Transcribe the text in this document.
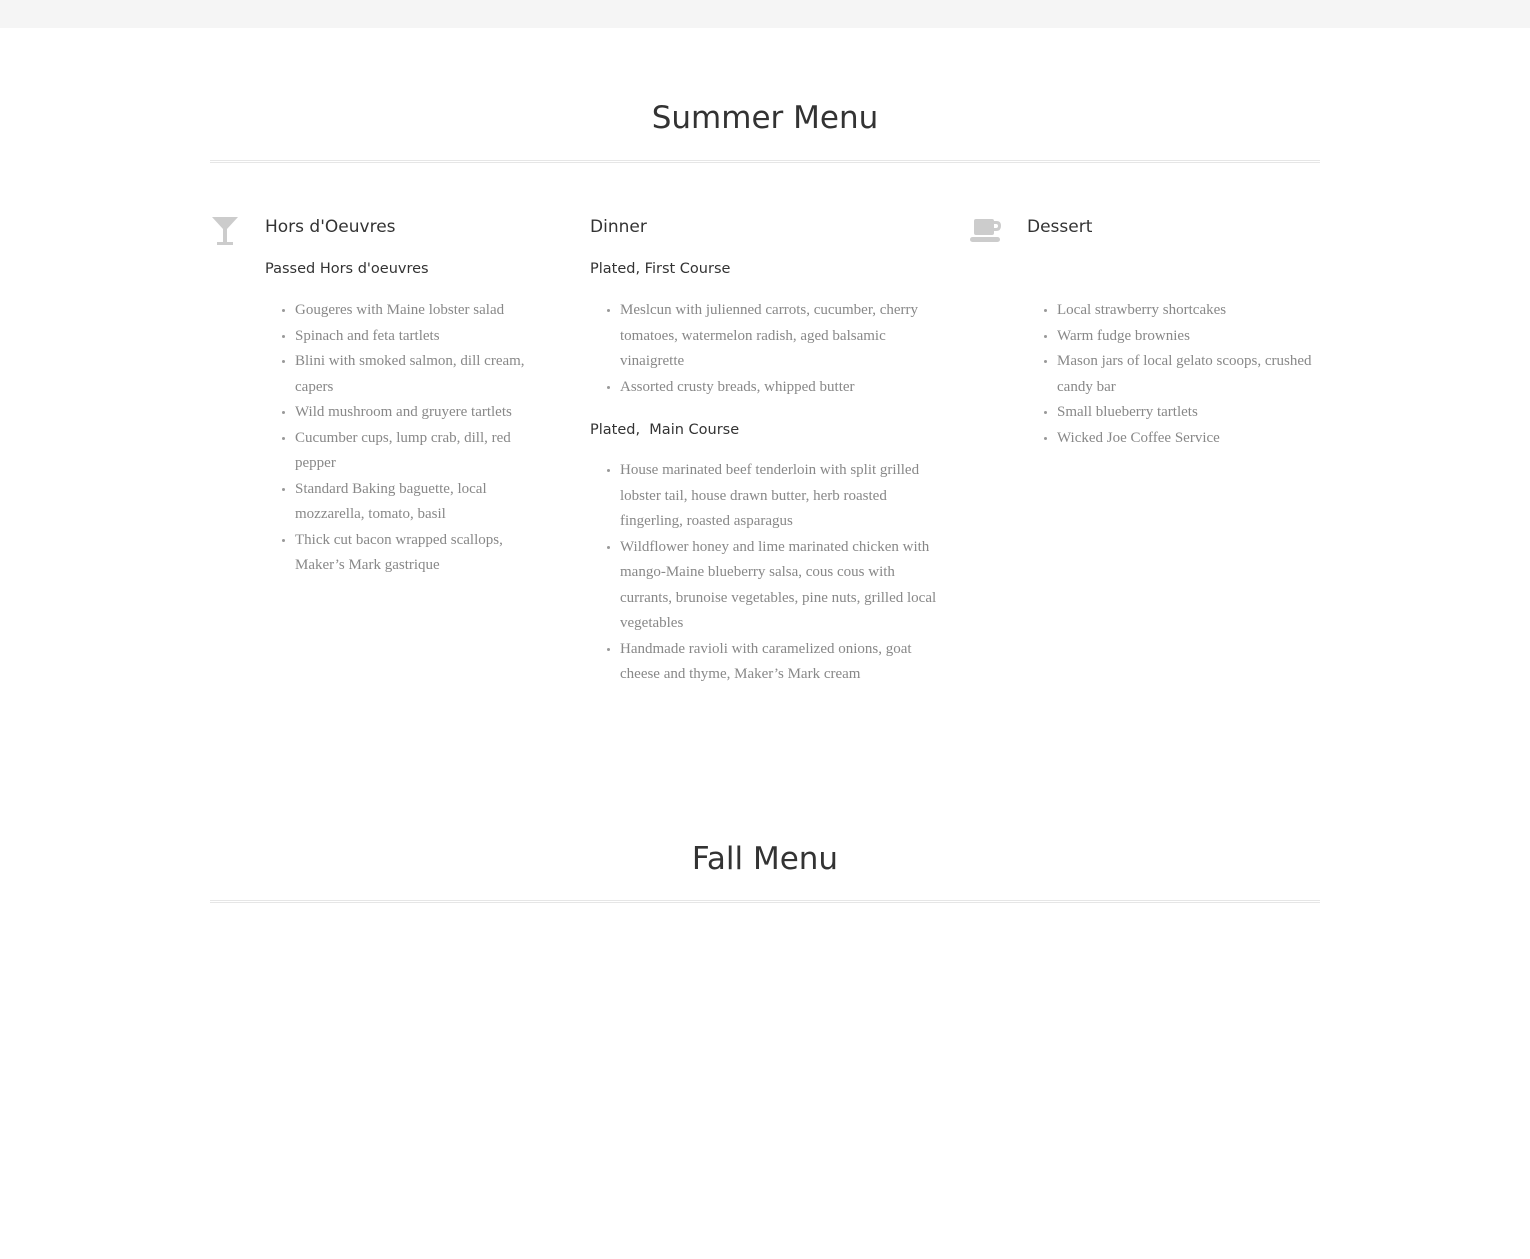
Summer Menu
Hors d'Oeuvres
Passed Hors d'oeuvres
• Gougeres with Maine lobster salad
• Spinach and feta tartlets
• Blini with smoked salmon, dill cream, capers
• Wild mushroom and gruyere tartlets
• Cucumber cups, lump crab, dill, red pepper
• Standard Baking baguette, local mozzarella, tomato, basil
• Thick cut bacon wrapped scallops, Maker’s Mark gastrique
Dinner
Plated, First Course
• Meslcun with julienned carrots, cucumber, cherry tomatoes, watermelon radish, aged balsamic vinaigrette
• Assorted crusty breads, whipped butter
Plated,  Main Course
• House marinated beef tenderloin with split grilled lobster tail, house drawn butter, herb roasted fingerling, roasted asparagus
• Wildflower honey and lime marinated chicken with mango-Maine blueberry salsa, cous cous with currants, brunoise vegetables, pine nuts, grilled local vegetables
• Handmade ravioli with caramelized onions, goat cheese and thyme, Maker’s Mark cream
Dessert
• Local strawberry shortcakes
• Warm fudge brownies
• Mason jars of local gelato scoops, crushed candy bar
• Small blueberry tartlets
• Wicked Joe Coffee Service
Fall Menu
